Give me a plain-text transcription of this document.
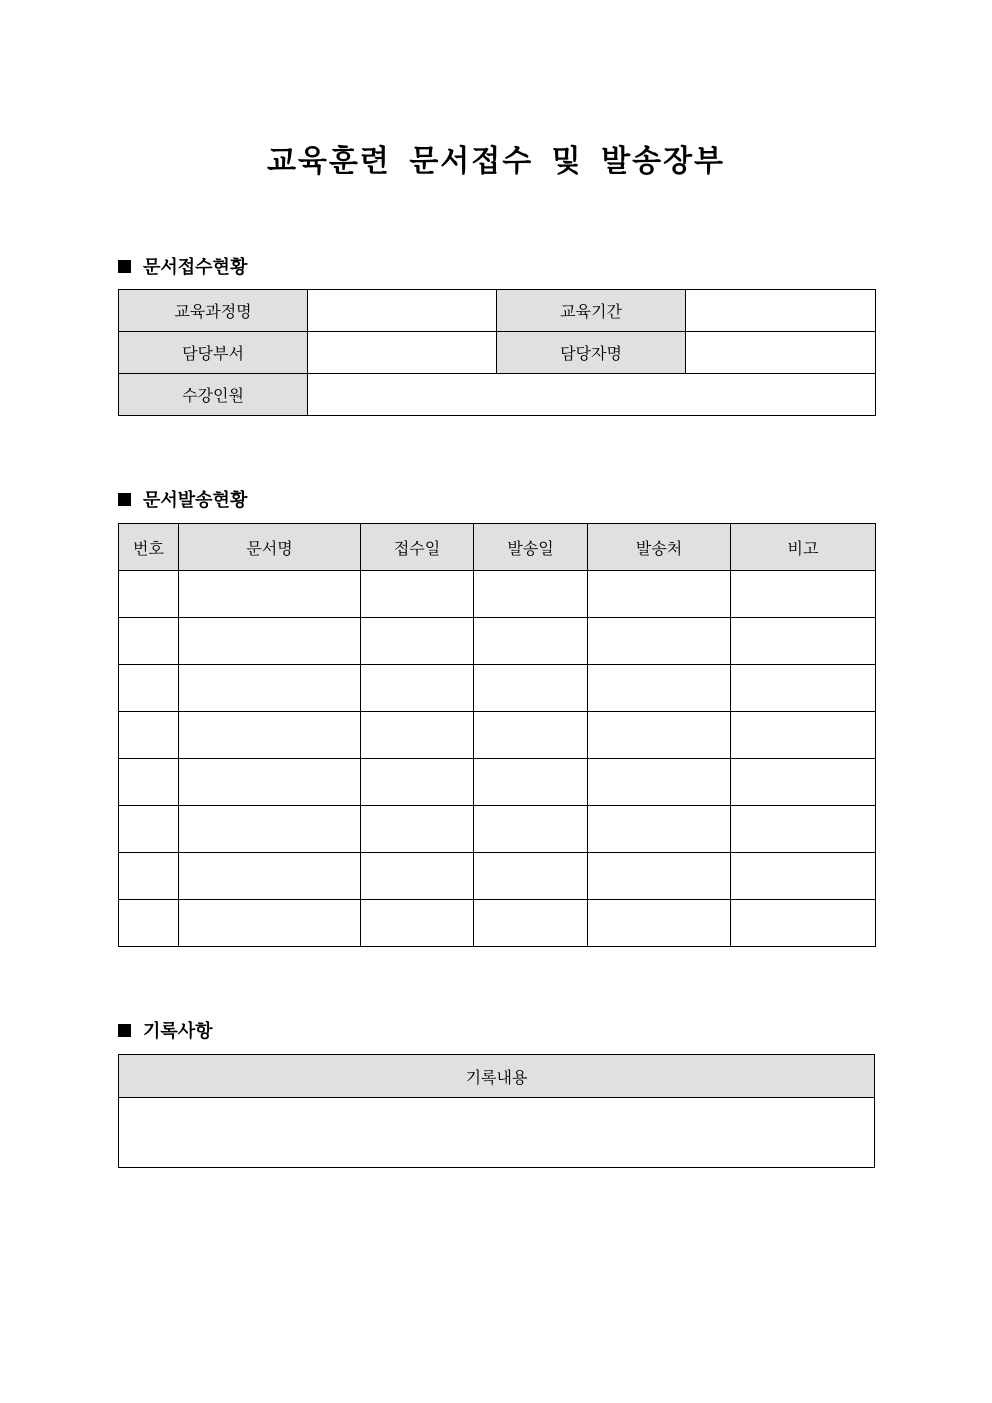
교육훈련 문서접수 및 발송장부
문서접수현황
교육과정명		교육기간	
담당부서		담당자명	
수강인원			
문서발송현황
번호	문서명	접수일	발송일	발송처	비고

기록사항
기록내용
